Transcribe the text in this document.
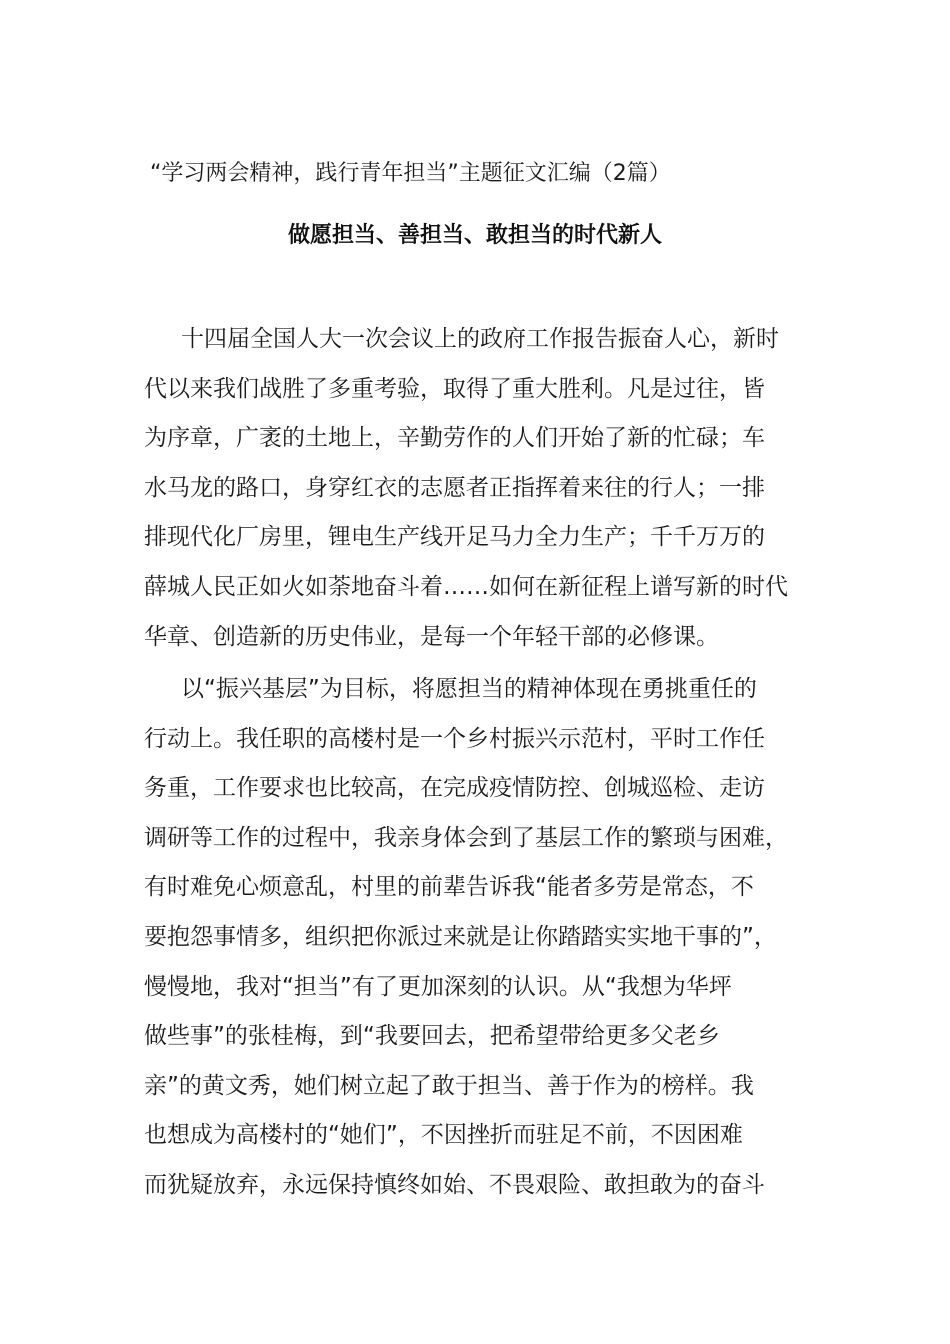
“学习两会精神，践行青年担当”主题征文汇编（2篇）
做愿担当、善担当、敢担当的时代新人
十四届全国人大一次会议上的政府工作报告振奋人心，新时
代以来我们战胜了多重考验，取得了重大胜利。凡是过往，皆
为序章，广袤的土地上，辛勤劳作的人们开始了新的忙碌；车
水马龙的路口，身穿红衣的志愿者正指挥着来往的行人；一排
排现代化厂房里，锂电生产线开足马力全力生产；千千万万的
薛城人民正如火如荼地奋斗着……如何在新征程上谱写新的时代
华章、创造新的历史伟业，是每一个年轻干部的必修课。
以“振兴基层”为目标，将愿担当的精神体现在勇挑重任的
行动上。我任职的高楼村是一个乡村振兴示范村，平时工作任
务重，工作要求也比较高，在完成疫情防控、创城巡检、走访
调研等工作的过程中，我亲身体会到了基层工作的繁琐与困难，
有时难免心烦意乱，村里的前辈告诉我“能者多劳是常态，不
要抱怨事情多，组织把你派过来就是让你踏踏实实地干事的”，
慢慢地，我对“担当”有了更加深刻的认识。从“我想为华坪
做些事”的张桂梅，到“我要回去，把希望带给更多父老乡
亲”的黄文秀，她们树立起了敢于担当、善于作为的榜样。我
也想成为高楼村的“她们”，不因挫折而驻足不前，不因困难
而犹疑放弃，永远保持慎终如始、不畏艰险、敢担敢为的奋斗
